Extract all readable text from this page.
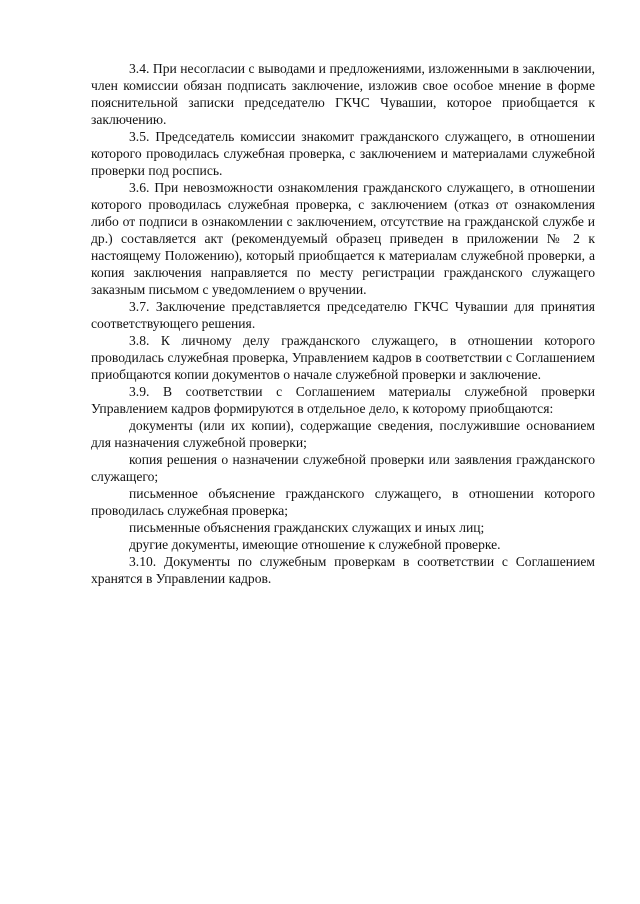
3.4. При несогласии с выводами и предложениями, изложенными в заключении, член комиссии обязан подписать заключение, изложив свое особое мнение в форме пояснительной записки председателю ГКЧС Чувашии, которое приобщается к заключению.

3.5. Председатель комиссии знакомит гражданского служащего, в отношении которого проводилась служебная проверка, с заключением и материалами служебной проверки под роспись.

3.6. При невозможности ознакомления гражданского служащего, в отношении которого проводилась служебная проверка, с заключением (отказ от ознакомления либо от подписи в ознакомлении с заключением, отсутствие на гражданской службе и др.) составляется акт (рекомендуемый образец приведен в приложении № 2 к настоящему Положению), который приобщается к материалам служебной проверки, а копия заключения направляется по месту регистрации гражданского служащего заказным письмом с уведомлением о вручении.

3.7. Заключение представляется председателю ГКЧС Чувашии для принятия соответствующего решения.

3.8. К личному делу гражданского служащего, в отношении которого проводилась служебная проверка, Управлением кадров в соответствии с Соглашением приобщаются копии документов о начале служебной проверки и заключение.

3.9. В соответствии с Соглашением материалы служебной проверки Управлением кадров формируются в отдельное дело, к которому приобщаются:

документы (или их копии), содержащие сведения, послужившие основанием для назначения служебной проверки;

копия решения о назначении служебной проверки или заявления гражданского служащего;

письменное объяснение гражданского служащего, в отношении которого проводилась служебная проверка;

письменные объяснения гражданских служащих и иных лиц;

другие документы, имеющие отношение к служебной проверке.

3.10. Документы по служебным проверкам в соответствии с Соглашением хранятся в Управлении кадров.
